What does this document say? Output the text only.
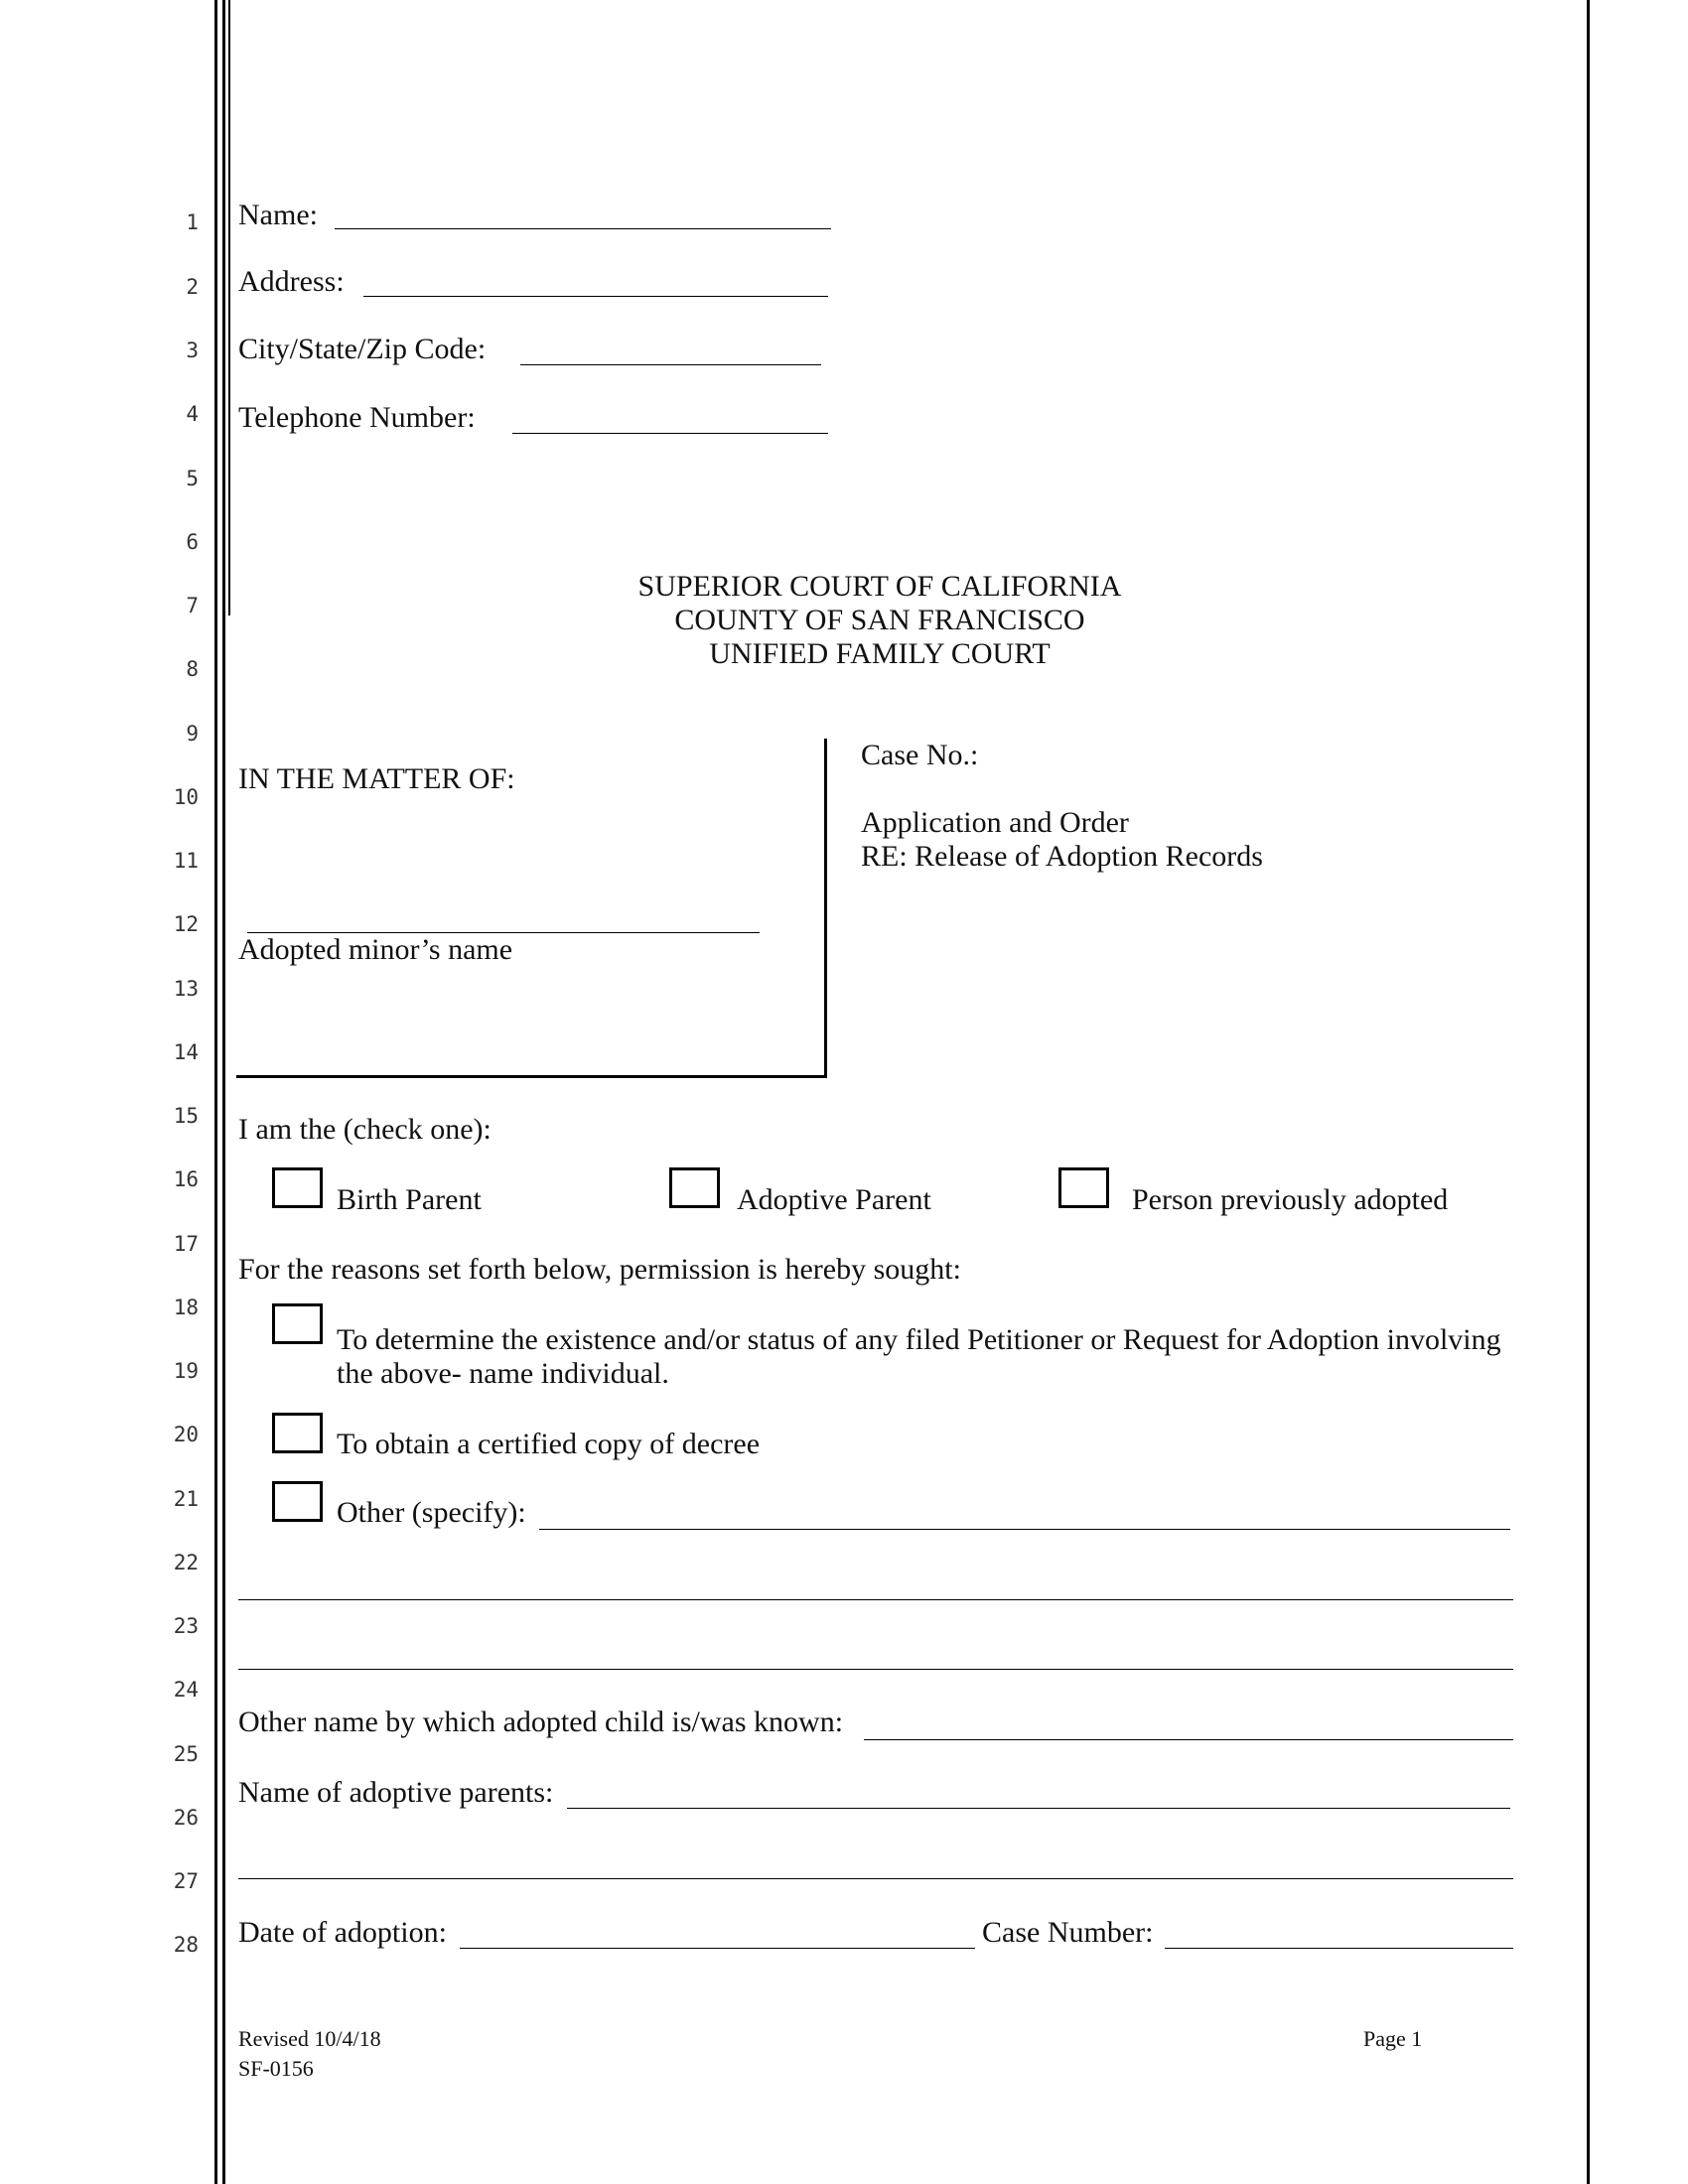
1
2
3
4
5
6
7
8
9
10
11
12
13
14
15
16
17
18
19
20
21
22
23
24
25
26
27
28
Name:
Address:
City/State/Zip Code:
Telephone Number:
SUPERIOR COURT OF CALIFORNIA
COUNTY OF SAN FRANCISCO
UNIFIED FAMILY COURT
IN THE MATTER OF:
Adopted minor’s name
Case No.:
Application and Order
RE: Release of Adoption Records
I am the (check one):
Birth Parent	Adoptive Parent	Person previously adopted
For the reasons set forth below, permission is hereby sought:
To determine the existence and/or status of any filed Petitioner or Request for Adoption involving
the above- name individual.
To obtain a certified copy of decree
Other (specify):
Other name by which adopted child is/was known:
Name of adoptive parents:
Date of adoption:	Case Number:
Revised 10/4/18
SF-0156
Page 1
